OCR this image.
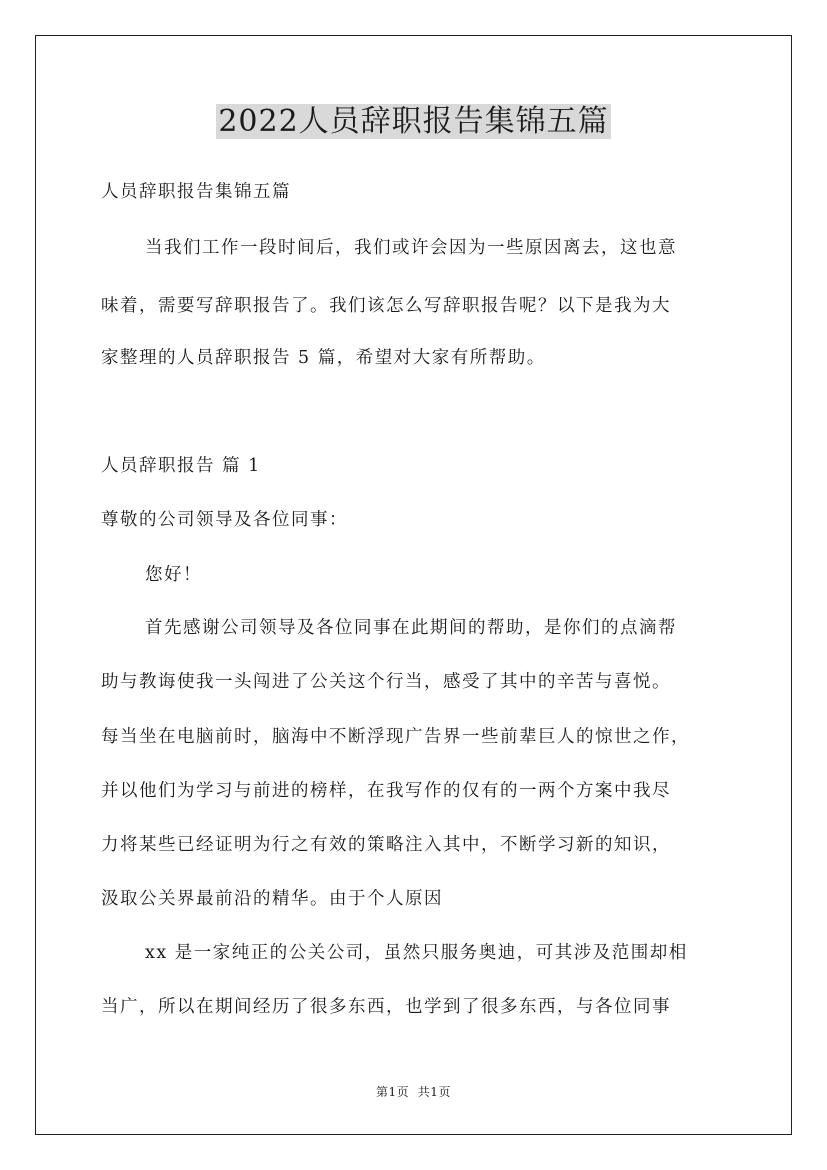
2022人员辞职报告集锦五篇
人员辞职报告集锦五篇
当我们工作一段时间后，我们或许会因为一些原因离去，这也意
味着，需要写辞职报告了。我们该怎么写辞职报告呢？以下是我为大
家整理的人员辞职报告 5 篇，希望对大家有所帮助。
人员辞职报告 篇 1
尊敬的公司领导及各位同事：
您好！
首先感谢公司领导及各位同事在此期间的帮助，是你们的点滴帮
助与教诲使我一头闯进了公关这个行当，感受了其中的辛苦与喜悦。
每当坐在电脑前时，脑海中不断浮现广告界一些前辈巨人的惊世之作，
并以他们为学习与前进的榜样，在我写作的仅有的一两个方案中我尽
力将某些已经证明为行之有效的策略注入其中，不断学习新的知识，
汲取公关界最前沿的精华。由于个人原因
xx 是一家纯正的公关公司，虽然只服务奥迪，可其涉及范围却相
当广，所以在期间经历了很多东西，也学到了很多东西，与各位同事
第1页  共1页
